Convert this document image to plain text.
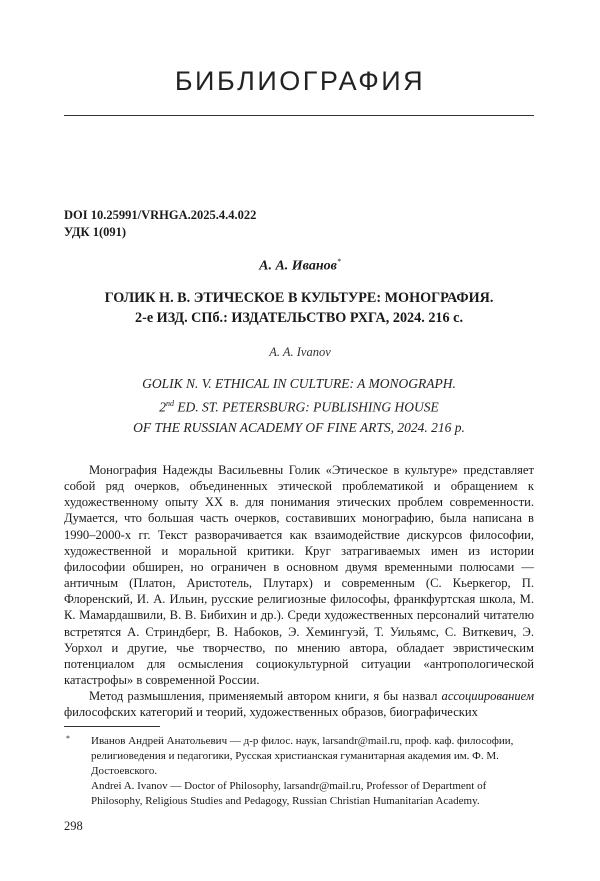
БИБЛИОГРАФИЯ
DOI 10.25991/VRHGA.2025.4.4.022
УДК 1(091)
А. А. Иванов*
ГОЛИК Н. В. ЭТИЧЕСКОЕ В КУЛЬТУРЕ: МОНОГРАФИЯ.
2-е ИЗД. СПб.: ИЗДАТЕЛЬСТВО РХГА, 2024. 216 с.
A. A. Ivanov
GOLIK N. V. ETHICAL IN CULTURE: A MONOGRAPH.
2nd ED. ST. PETERSBURG: PUBLISHING HOUSE
OF THE RUSSIAN ACADEMY OF FINE ARTS, 2024. 216 p.

Монография Надежды Васильевны Голик «Этическое в культуре» представляет собой ряд очерков, объединенных этической проблематикой и обращением к художественному опыту XX в. для понимания этических проблем современности. Думается, что большая часть очерков, составивших монографию, была написана в 1990–2000-х гг. Текст разворачивается как взаимодействие дискурсов философии, художественной и моральной критики. Круг затрагиваемых имен из истории философии обширен, но ограничен в основном двумя временными полюсами — античным (Платон, Аристотель, Плутарх) и современным (С. Кьеркегор, П. Флоренский, И. А. Ильин, русские религиозные философы, франкфуртская школа, М. К. Мамардашвили, В. В. Бибихин и др.). Среди художественных персоналий читателю встретятся А. Стриндберг, В. Набоков, Э. Хемингуэй, Т. Уильямс, С. Виткевич, Э. Уорхол и другие, чье творчество, по мнению автора, обладает эвристическим потенциалом для осмысления социокультурной ситуации «антропологической катастрофы» в современной России.

Метод размышления, применяемый автором книги, я бы назвал ассоциированием философских категорий и теорий, художественных образов, биографических

* Иванов Андрей Анатольевич — д-р филос. наук, larsandr@mail.ru, проф. каф. философии, религиоведения и педагогики, Русская христианская гуманитарная академия им. Ф. М. Достоевского.
Andrei A. Ivanov — Doctor of Philosophy, larsandr@mail.ru, Professor of Department of Philosophy, Religious Studies and Pedagogy, Russian Christian Humanitarian Academy.
298
